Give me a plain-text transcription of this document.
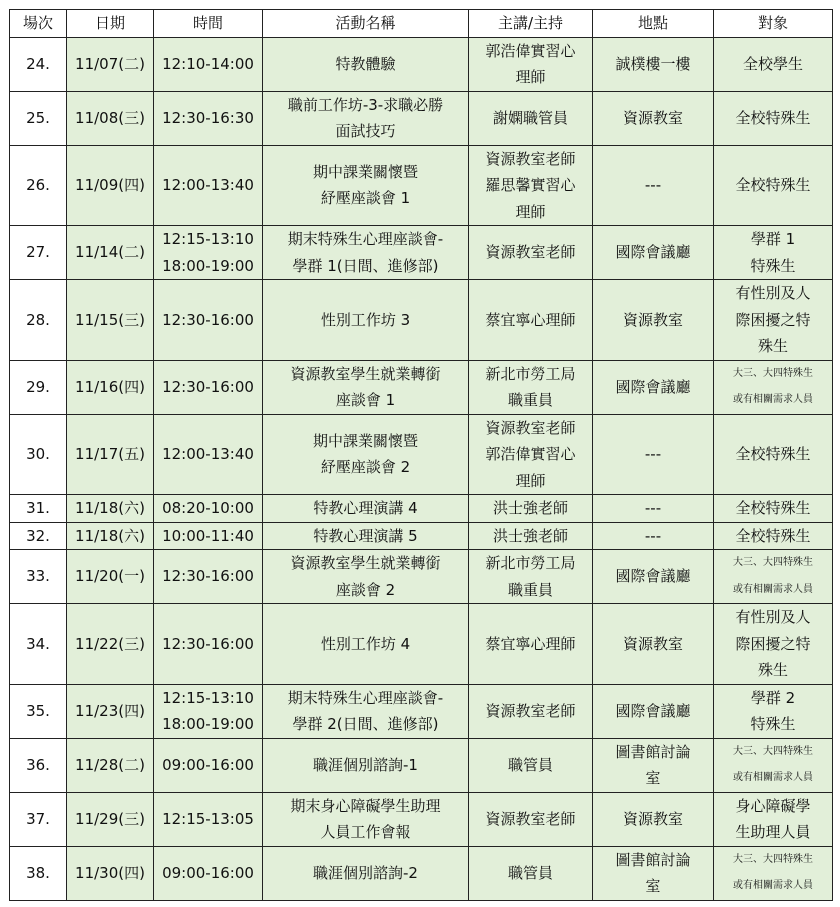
場次	日期	時間	活動名稱	主講/主持	地點	對象
24.	11/07(二)	12:10-14:00	特教體驗	郭浩偉實習心
理師	誠樸樓一樓	全校學生

25.	11/08(三)	12:30-16:30	職前工作坊-3-求職必勝
面試技巧	謝嫻職管員	資源教室	全校特殊生

26.	11/09(四)	12:00-13:40	期中課業關懷暨
紓壓座談會 1	資源教室老師
羅思馨實習心
理師	---	全校特殊生

27.	11/14(二)	12:15-13:10
18:00-19:00	期末特殊生心理座談會-
學群 1(日間、進修部)	資源教室老師	國際會議廳	學群 1
特殊生

28.	11/15(三)	12:30-16:00	性別工作坊 3	蔡宜寧心理師	資源教室	有性別及人
際困擾之特
殊生

29.	11/16(四)	12:30-16:00	資源教室學生就業轉銜
座談會 1	新北市勞工局
職重員	國際會議廳	大三、大四特殊生
或有相關需求人員

30.	11/17(五)	12:00-13:40	期中課業關懷暨
紓壓座談會 2	資源教室老師
郭浩偉實習心
理師	---	全校特殊生

31.	11/18(六)	08:20-10:00	特教心理演講 4	洪士強老師	---	全校特殊生

32.	11/18(六)	10:00-11:40	特教心理演講 5	洪士強老師	---	全校特殊生

33.	11/20(一)	12:30-16:00	資源教室學生就業轉銜
座談會 2	新北市勞工局
職重員	國際會議廳	大三、大四特殊生
或有相關需求人員

34.	11/22(三)	12:30-16:00	性別工作坊 4	蔡宜寧心理師	資源教室	有性別及人
際困擾之特
殊生

35.	11/23(四)	12:15-13:10
18:00-19:00	期末特殊生心理座談會-
學群 2(日間、進修部)	資源教室老師	國際會議廳	學群 2
特殊生

36.	11/28(二)	09:00-16:00	職涯個別諮詢-1	職管員	圖書館討論
室	大三、大四特殊生
或有相關需求人員

37.	11/29(三)	12:15-13:05	期末身心障礙學生助理
人員工作會報	資源教室老師	資源教室	身心障礙學
生助理人員

38.	11/30(四)	09:00-16:00	職涯個別諮詢-2	職管員	圖書館討論
室	大三、大四特殊生
或有相關需求人員
